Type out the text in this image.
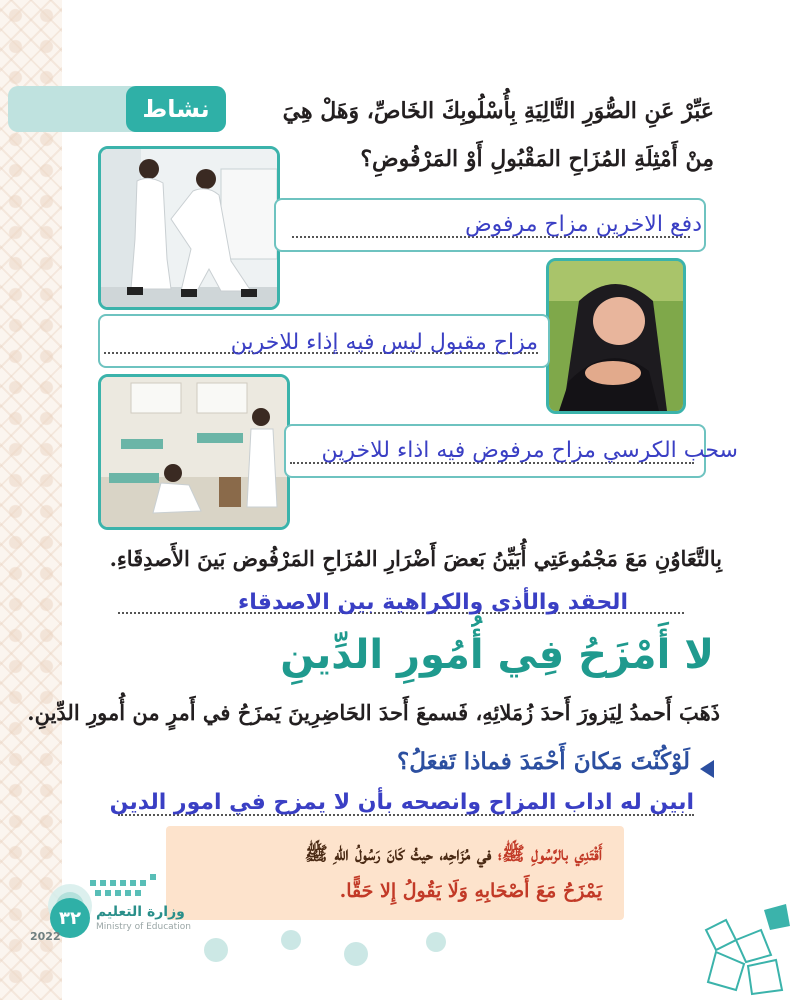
نشاط	عَبِّرْ عَنِ الصُّوَرِ التَّالِيَةِ بِأُسْلُوبِكَ الخَاصِّ، وَهَلْ هِيَ
مِنْ أَمْثِلَةِ المُزَاحِ المَقْبُولِ أَوْ المَرْفُوضِ؟
دفع الاخرين مزاح مرفوض
مزاح مقبول ليس فيه إذاء للاخرين
سحب الكرسي مزاح مرفوض فيه اذاء للاخرين
بِالتَّعَاوُنِ مَعَ مَجْمُوعَتِي أُبَيِّنُ بَعضَ أَضْرَارِ المُزَاحِ المَرْفُوض بَينَ الأَصدِقَاءِ.
الحقد والأذى والكراهية بين الاصدقاء
لا أَمْزَحُ فِي أُمُورِ الدِّينِ
ذَهَبَ أَحمدُ لِيَزورَ أَحدَ زُمَلائِهِ، فَسمعَ أَحدَ الحَاضِرِينَ يَمزَحُ في أَمرٍ من أُمورِ الدِّينِ.
لَوْكُنْتَ مَكانَ أَحْمَدَ فماذا تَفعَلُ؟
ابين له اداب المزاح وانصحه بأن لا يمزح في امور الدين
أَقْتَدِي بالرَّسُولِ ﷺ؛ في مُزَاحِه، حيثُ كَانَ رَسُولُ اللهِ ﷺ
يَمْزَحُ مَعَ أَصْحَابِهِ وَلَا يَقُولُ إِلا حَقًّا.
٣٢	وزارة التعليم
Ministry of Education
2022
